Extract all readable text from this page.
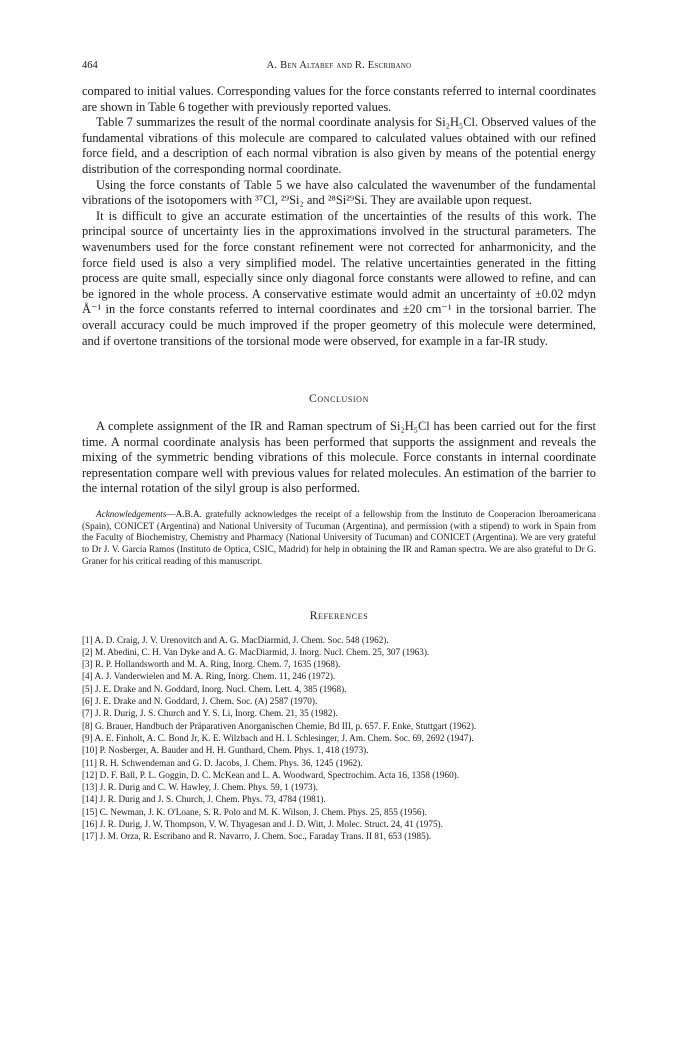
464	A. Ben Altabef and R. Escribano

compared to initial values. Corresponding values for the force constants referred to internal coordinates are shown in Table 6 together with previously reported values.

Table 7 summarizes the result of the normal coordinate analysis for Si₂H₅Cl. Observed values of the fundamental vibrations of this molecule are compared to calculated values obtained with our refined force field, and a description of each normal vibration is also given by means of the potential energy distribution of the corresponding normal coordinate.

Using the force constants of Table 5 we have also calculated the wavenumber of the fundamental vibrations of the isotopomers with ³⁷Cl, ²⁹Si₂ and ²⁸Si²⁹Si. They are available upon request.

It is difficult to give an accurate estimation of the uncertainties of the results of this work. The principal source of uncertainty lies in the approximations involved in the structural parameters. The wavenumbers used for the force constant refinement were not corrected for anharmonicity, and the force field used is also a very simplified model. The relative uncertainties generated in the fitting process are quite small, especially since only diagonal force constants were allowed to refine, and can be ignored in the whole process. A conservative estimate would admit an uncertainty of ±0.02 mdyn Å⁻¹ in the force constants referred to internal coordinates and ±20 cm⁻¹ in the torsional barrier. The overall accuracy could be much improved if the proper geometry of this molecule were determined, and if overtone transitions of the torsional mode were observed, for example in a far-IR study.

Conclusion

A complete assignment of the IR and Raman spectrum of Si₂H₅Cl has been carried out for the first time. A normal coordinate analysis has been performed that supports the assignment and reveals the mixing of the symmetric bending vibrations of this molecule. Force constants in internal coordinate representation compare well with previous values for related molecules. An estimation of the barrier to the internal rotation of the silyl group is also performed.

Acknowledgements—A.B.A. gratefully acknowledges the receipt of a fellowship from the Instituto de Cooperacion Iberoamericana (Spain), CONICET (Argentina) and National University of Tucuman (Argentina), and permission (with a stipend) to work in Spain from the Faculty of Biochemistry, Chemistry and Pharmacy (National University of Tucuman) and CONICET (Argentina). We are very grateful to Dr J. V. Garcia Ramos (Instituto de Optica, CSIC, Madrid) for help in obtaining the IR and Raman spectra. We are also grateful to Dr G. Graner for his critical reading of this manuscript.

References
[1] A. D. Craig, J. V. Urenovitch and A. G. MacDiarmid, J. Chem. Soc. 548 (1962).
[2] M. Abedini, C. H. Van Dyke and A. G. MacDiarmid, J. Inorg. Nucl. Chem. 25, 307 (1963).
[3] R. P. Hollandsworth and M. A. Ring, Inorg. Chem. 7, 1635 (1968).
[4] A. J. Vanderwielen and M. A. Ring, Inorg. Chem. 11, 246 (1972).
[5] J. E. Drake and N. Goddard, Inorg. Nucl. Chem. Lett. 4, 385 (1968).
[6] J. E. Drake and N. Goddard, J. Chem. Soc. (A) 2587 (1970).
[7] J. R. Durig, J. S. Church and Y. S. Li, Inorg. Chem. 21, 35 (1982).
[8] G. Brauer, Handbuch der Präparativen Anorganischen Chemie, Bd III, p. 657. F. Enke, Stuttgart (1962).
[9] A. E. Finholt, A. C. Bond Jr, K. E. Wilzbach and H. I. Schlesinger, J. Am. Chem. Soc. 69, 2692 (1947).
[10] P. Nosberger, A. Bauder and H. H. Gunthard, Chem. Phys. 1, 418 (1973).
[11] R. H. Schwendeman and G. D. Jacobs, J. Chem. Phys. 36, 1245 (1962).
[12] D. F. Ball, P. L. Goggin, D. C. McKean and L. A. Woodward, Spectrochim. Acta 16, 1358 (1960).
[13] J. R. Durig and C. W. Hawley, J. Chem. Phys. 59, 1 (1973).
[14] J. R. Durig and J. S. Church, J. Chem. Phys. 73, 4784 (1981).
[15] C. Newman, J. K. O'Loane, S. R. Polo and M. K. Wilson, J. Chem. Phys. 25, 855 (1956).
[16] J. R. Durig, J. W. Thompson, V. W. Thyagesan and J. D. Witt, J. Molec. Struct. 24, 41 (1975).
[17] J. M. Orza, R. Escribano and R. Navarro, J. Chem. Soc., Faraday Trans. II 81, 653 (1985).
